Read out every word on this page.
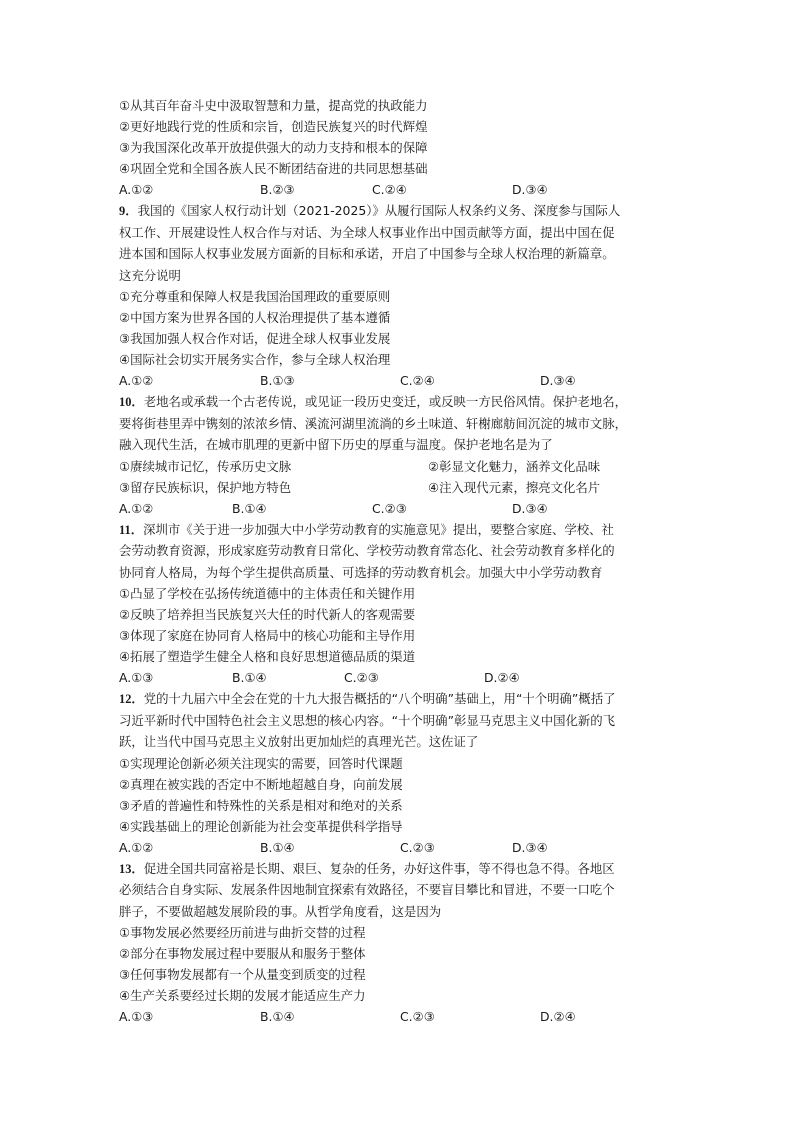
①从其百年奋斗史中汲取智慧和力量，提高党的执政能力
②更好地践行党的性质和宗旨，创造民族复兴的时代辉煌
③为我国深化改革开放提供强大的动力支持和根本的保障
④巩固全党和全国各族人民不断团结奋进的共同思想基础
A.①②	B.②③	C.②④	D.③④
9．我国的《国家人权行动计划（2021-2025）》从履行国际人权条约义务、深度参与国际人
权工作、开展建设性人权合作与对话、为全球人权事业作出中国贡献等方面，提出中国在促
进本国和国际人权事业发展方面新的目标和承诺，开启了中国参与全球人权治理的新篇章。
这充分说明
①充分尊重和保障人权是我国治国理政的重要原则
②中国方案为世界各国的人权治理提供了基本遵循
③我国加强人权合作对话，促进全球人权事业发展
④国际社会切实开展务实合作，参与全球人权治理
A.①②	B.①③	C.②④	D.③④
10．老地名或承载一个古老传说，或见证一段历史变迁，或反映一方民俗风情。保护老地名，
要将街巷里弄中镌刻的浓浓乡情、溪流河湖里流淌的乡土味道、轩榭廊舫间沉淀的城市文脉，
融入现代生活，在城市肌理的更新中留下历史的厚重与温度。保护老地名是为了
①赓续城市记忆，传承历史文脉	②彰显文化魅力，涵养文化品味
③留存民族标识，保护地方特色	④注入现代元素，擦亮文化名片
A.①②	B.①④	C.②③	D.③④
11．深圳市《关于进一步加强大中小学劳动教育的实施意见》提出，要整合家庭、学校、社
会劳动教育资源，形成家庭劳动教育日常化、学校劳动教育常态化、社会劳动教育多样化的
协同育人格局，为每个学生提供高质量、可选择的劳动教育机会。加强大中小学劳动教育
①凸显了学校在弘扬传统道德中的主体责任和关键作用
②反映了培养担当民族复兴大任的时代新人的客观需要
③体现了家庭在协同育人格局中的核心功能和主导作用
④拓展了塑造学生健全人格和良好思想道德品质的渠道
A.①③	B.①④	C.②③	D.②④
12．党的十九届六中全会在党的十九大报告概括的“八个明确”基础上，用“十个明确”概括了
习近平新时代中国特色社会主义思想的核心内容。“十个明确”彰显马克思主义中国化新的飞
跃，让当代中国马克思主义放射出更加灿烂的真理光芒。这佐证了
①实现理论创新必须关注现实的需要，回答时代课题
②真理在被实践的否定中不断地超越自身，向前发展
③矛盾的普遍性和特殊性的关系是相对和绝对的关系
④实践基础上的理论创新能为社会变革提供科学指导
A.①②	B.①④	C.②③	D.③④
13．促进全国共同富裕是长期、艰巨、复杂的任务，办好这件事，等不得也急不得。各地区
必须结合自身实际、发展条件因地制宜探索有效路径，不要盲目攀比和冒进，不要一口吃个
胖子，不要做超越发展阶段的事。从哲学角度看，这是因为
①事物发展必然要经历前进与曲折交替的过程
②部分在事物发展过程中要服从和服务于整体
③任何事物发展都有一个从量变到质变的过程
④生产关系要经过长期的发展才能适应生产力
A.①③	B.①④	C.②③	D.②④
